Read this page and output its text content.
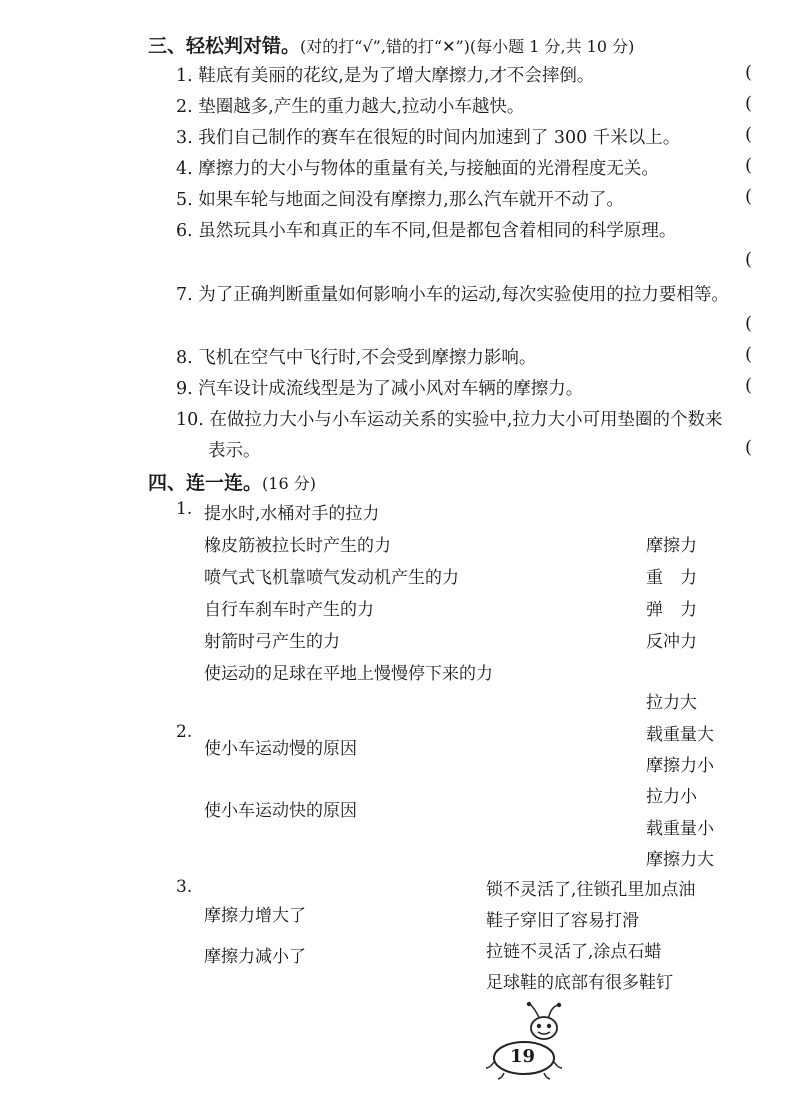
三、轻松判对错。(对的打“√”,错的打“✕”)(每小题 1 分,共 10 分)
1. 鞋底有美丽的花纹,是为了增大摩擦力,才不会摔倒。
2. 垫圈越多,产生的重力越大,拉动小车越快。
3. 我们自己制作的赛车在很短的时间内加速到了 300 千米以上。
4. 摩擦力的大小与物体的重量有关,与接触面的光滑程度无关。
5. 如果车轮与地面之间没有摩擦力,那么汽车就开不动了。
6. 虽然玩具小车和真正的车不同,但是都包含着相同的科学原理。
7. 为了正确判断重量如何影响小车的运动,每次实验使用的拉力要相等。
8. 飞机在空气中飞行时,不会受到摩擦力影响。
9. 汽车设计成流线型是为了减小风对车辆的摩擦力。
10. 在做拉力大小与小车运动关系的实验中,拉力大小可用垫圈的个数来
表示。
(
(
(
(
(
(
(
(
(
(
四、连一连。(16 分)
1. 提水时,水桶对手的拉力
橡皮筋被拉长时产生的力
喷气式飞机靠喷气发动机产生的力
自行车刹车时产生的力
射箭时弓产生的力
使运动的足球在平地上慢慢停下来的力
摩擦力
重　力
弹　力
反冲力
2.
使小车运动慢的原因
使小车运动快的原因
拉力大
载重量大
摩擦力小
拉力小
载重量小
摩擦力大
3.
摩擦力增大了
摩擦力减小了
锁不灵活了,往锁孔里加点油
鞋子穿旧了容易打滑
拉链不灵活了,涂点石蜡
足球鞋的底部有很多鞋钉
19
